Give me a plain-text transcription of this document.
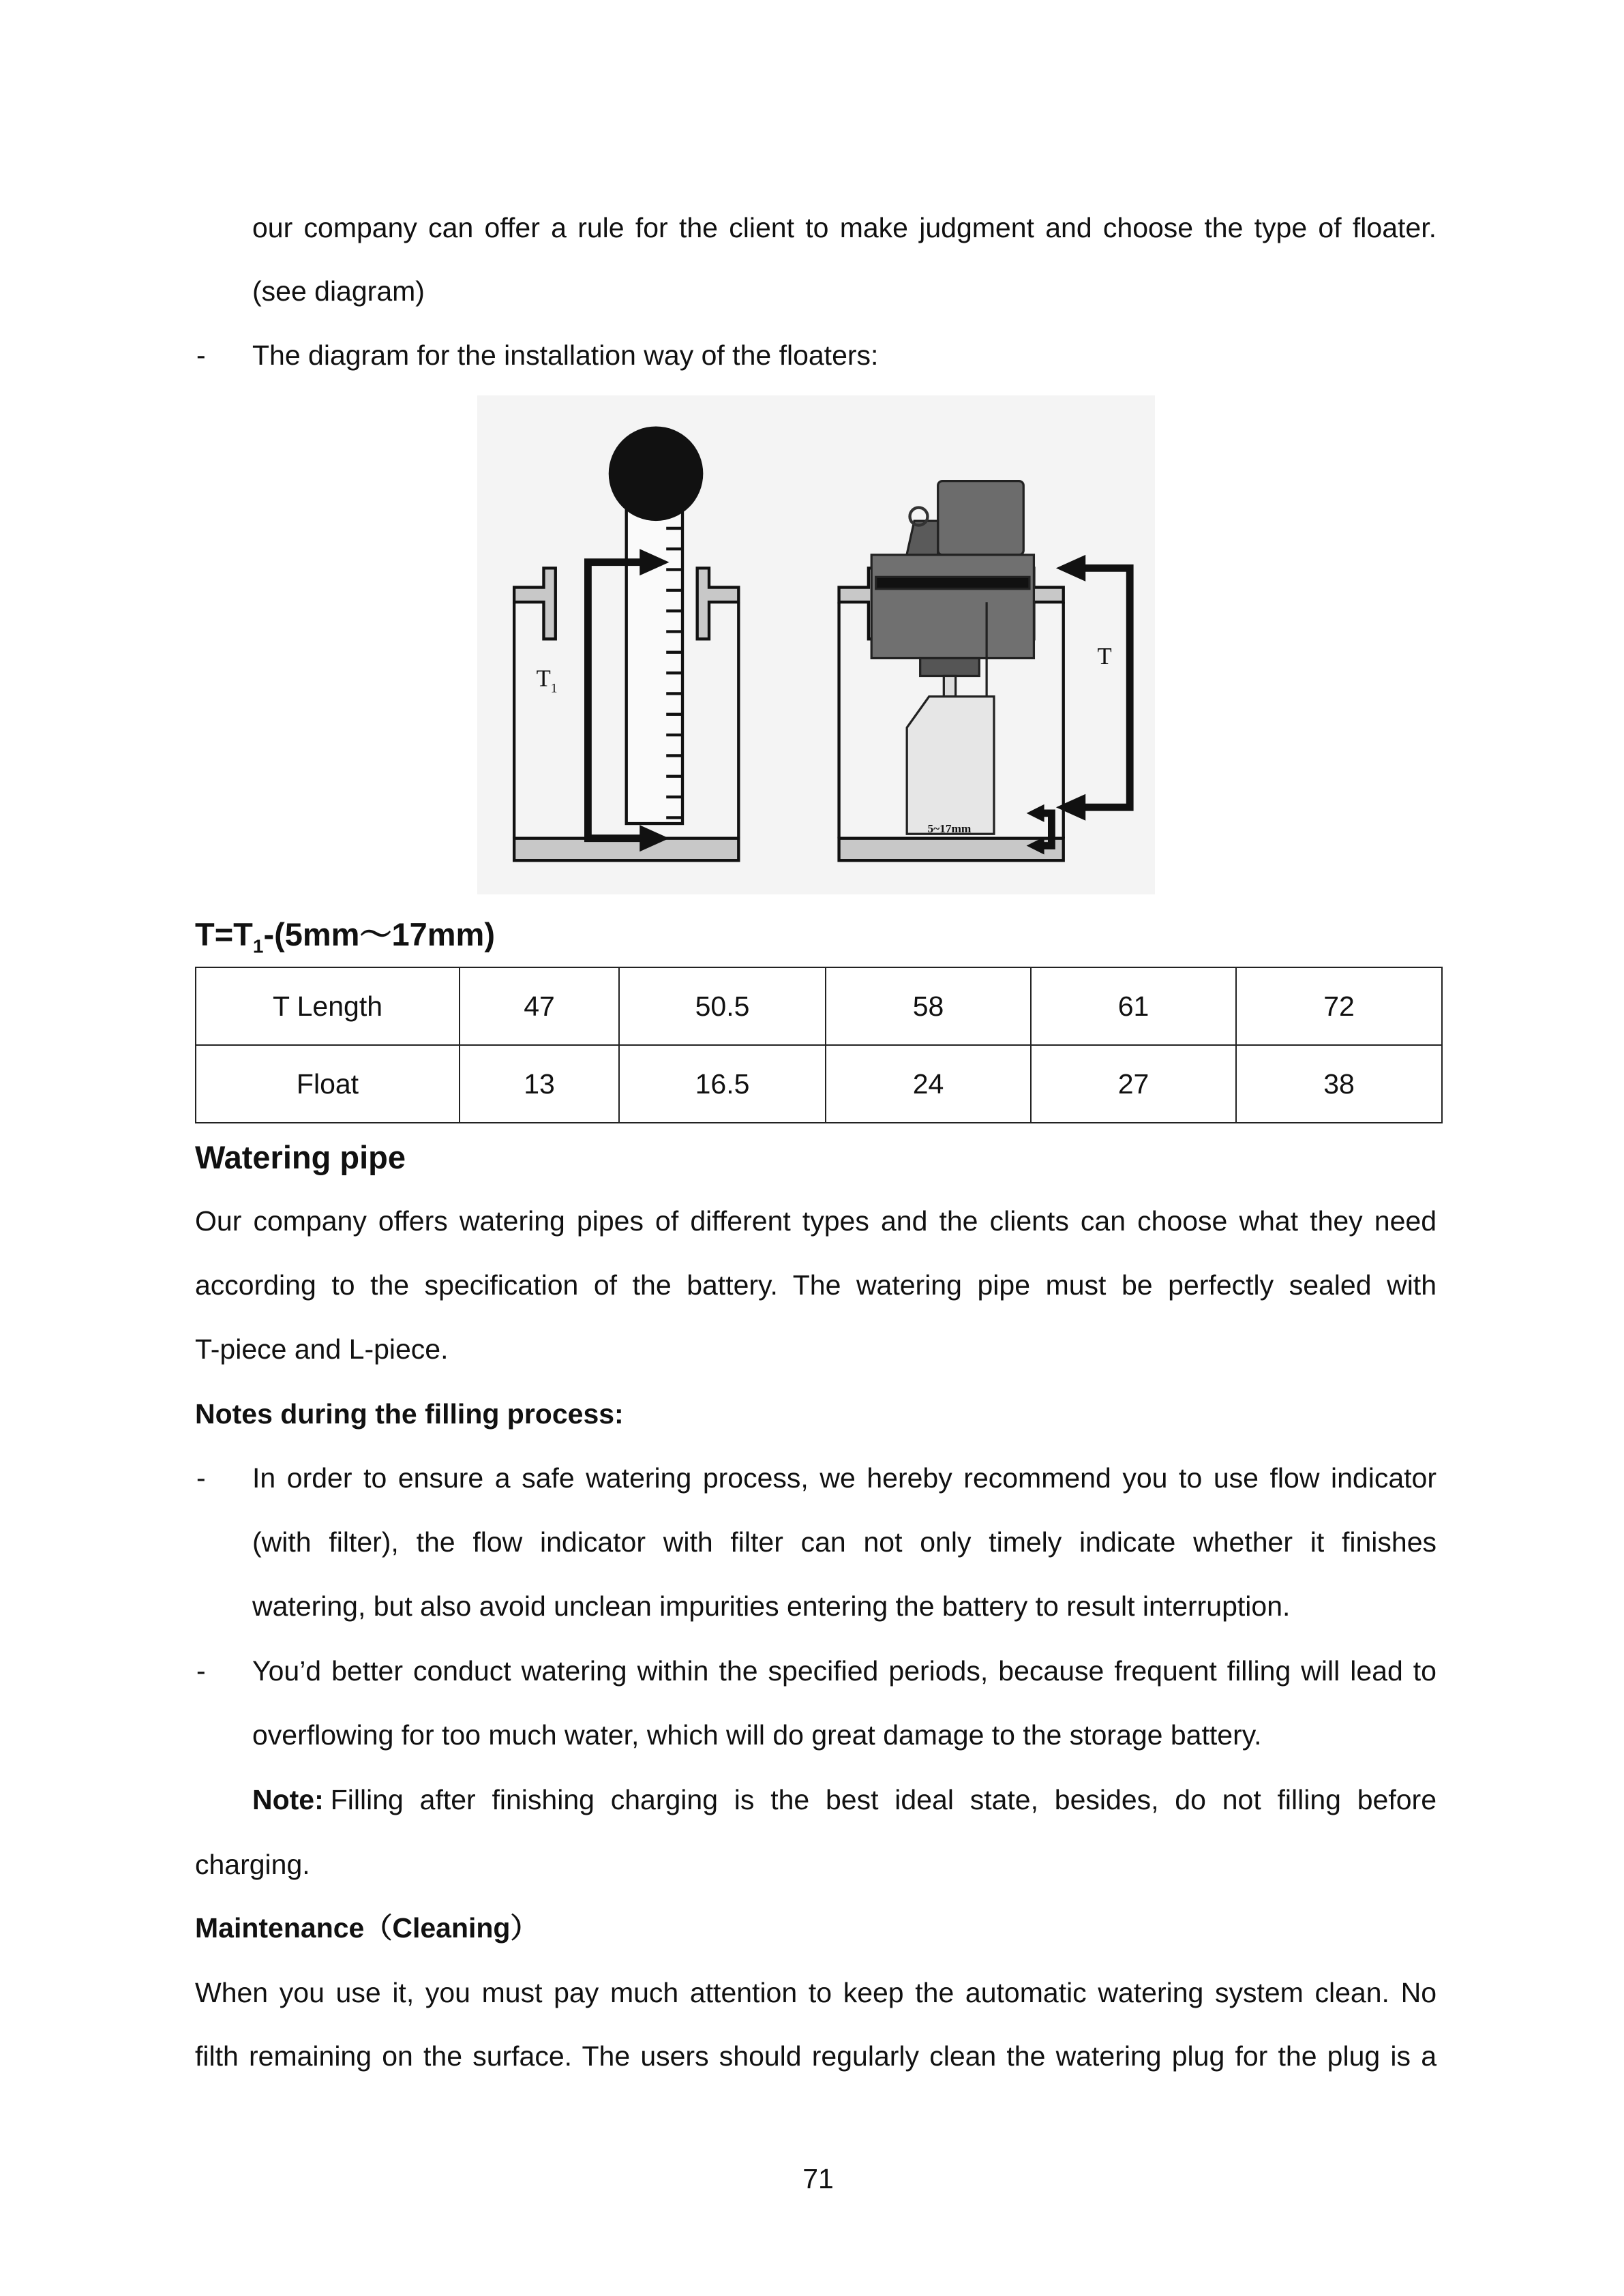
our company can offer a rule for the client to make judgment and choose the type of floater.
(see diagram)
- The diagram for the installation way of the floaters:
$T_1$
T
5~17mm
$T=T_1-(5mm\sim 17mm)$
T Length	47	50.5	58	61	72
Float	13	16.5	24	27	38
Watering pipe
Our company offers watering pipes of different types and the clients can choose what they need
according to the specification of the battery. The watering pipe must be perfectly sealed with
T-piece and L-piece.
Notes during the filling process:
- In order to ensure a safe watering process, we hereby recommend you to use flow indicator
(with filter), the flow indicator with filter can not only timely indicate whether it finishes
watering, but also avoid unclean impurities entering the battery to result interruption.
- You’d better conduct watering within the specified periods, because frequent filling will lead to
overflowing for too much water, which will do great damage to the storage battery.
Note: Filling after finishing charging is the best ideal state, besides, do not filling before
charging.
Maintenance（Cleaning）
When you use it, you must pay much attention to keep the automatic watering system clean. No
filth remaining on the surface. The users should regularly clean the watering plug for the plug is a
71
